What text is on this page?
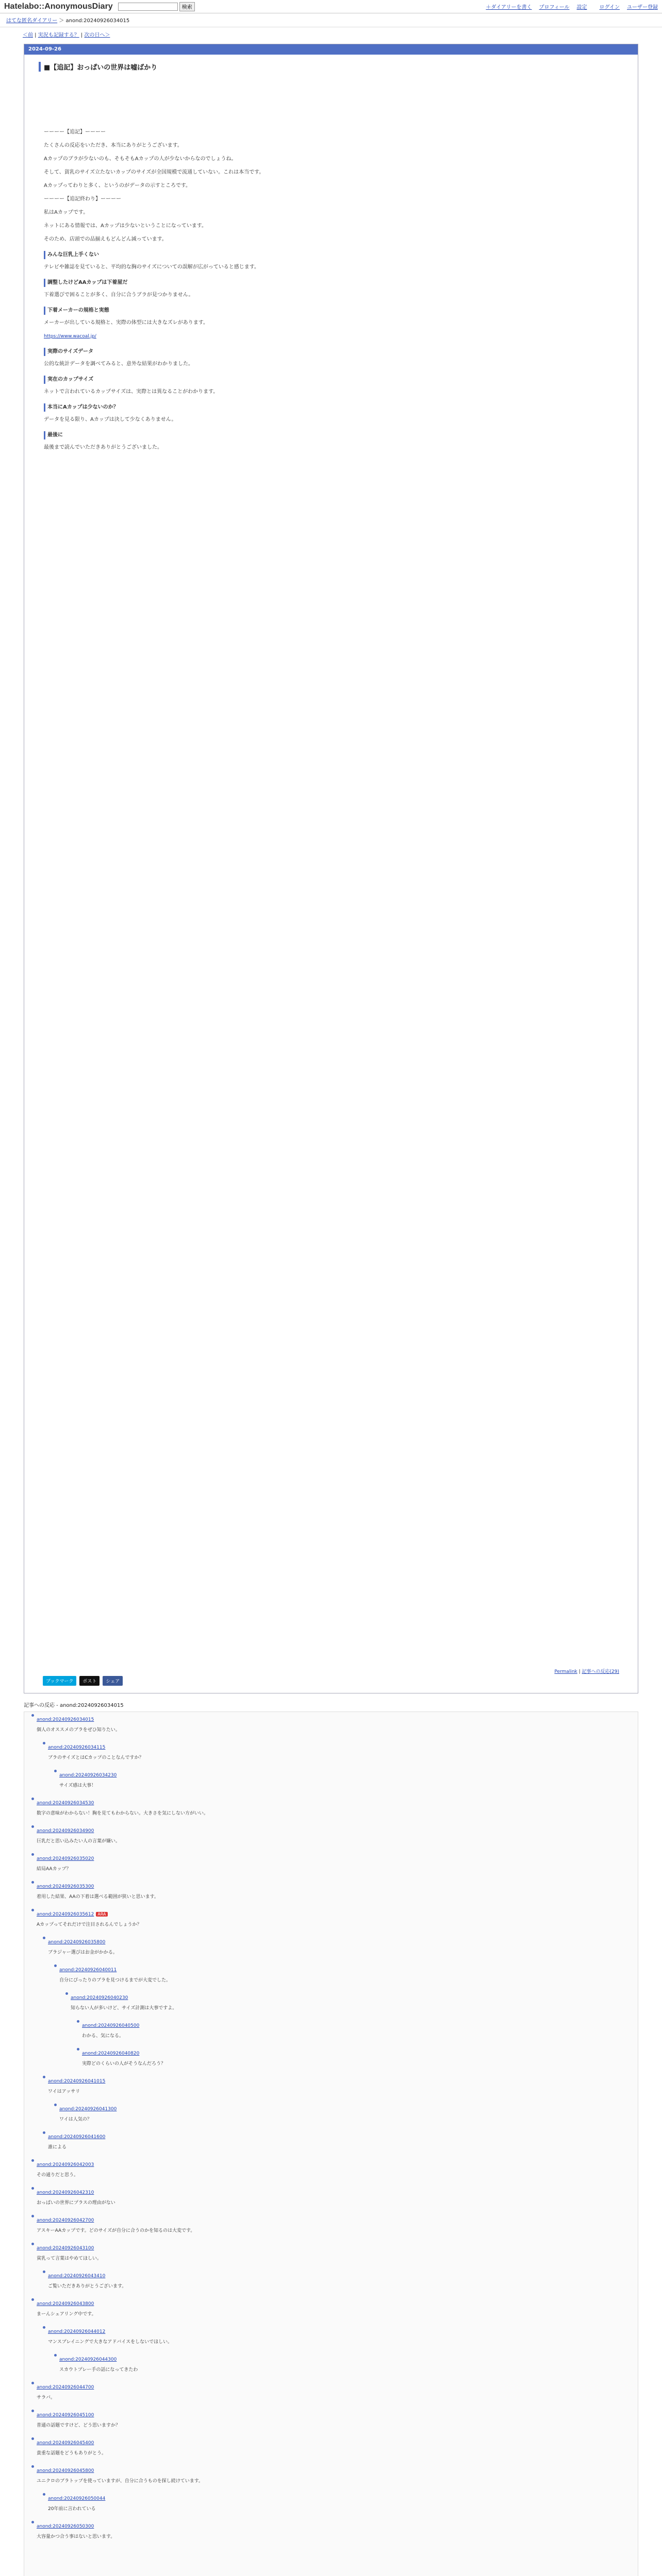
Hatelabo::AnonymousDiary	検索	＋ダイアリーを書く プロフィール 設定 ログイン ユーザー登録
はてな匿名ダイアリー ＞ anond:20240926034015
＜前 | 実況も記録する？ | 次の日へ＞
2024-09-26
■【追記】おっぱいの世界は嘘ばかり

ーーーー【追記】ーーーー

たくさんの反応をいただき、本当にありがとうございます。

Aカップのブラが少ないのも、そもそもAカップの人が少ないからなのでしょうね。

そして、貧乳のサイズ立たないカップのサイズが全国規模で流通していない。これは本当です。

Aカップってわりと多く、というのがデータの示すところです。

ーーーー【追記終わり】ーーーー

私はAカップです。

ネットにある情報では、Aカップは少ないということになっています。

そのため、店頭での品揃えもどんどん減っています。

みんな巨乳上手くない

テレビや雑誌を見ていると、平均的な胸のサイズについての誤解が広がっていると感じます。

調整したけどAAカップは下着屋だ

下着選びで困ることが多く、自分に合うブラが見つかりません。

下着メーカーの規格と実態

メーカーが出している規格と、実際の体型には大きなズレがあります。

https://www.wacoal.jp/

実際のサイズデータ

公的な統計データを調べてみると、意外な結果がわかりました。

実在のカップサイズ

ネットで言われているカップサイズは、実際とは異なることがわかります。

本当にAカップは少ないのか？

データを見る限り、Aカップは決して少なくありません。

最後に

最後まで読んでいただきありがとうございました。

Permalink | 記事への反応(29)
ブックマーク	ポスト	シェア
記事への反応 - anond:20240926034015
anond:20240926034015
個人のオススメのブラをぜひ知りたい。
anond:20240926034115
ブラのサイズとはCカップのことなんですか？
anond:20240926034230
サイズ感は大事！
anond:20240926034530
数字の意味がわからない！胸を見てもわからない。大きさを気にしない方がいい。
anond:20240926034900
巨乳だと思い込みたい人の言葉が嫌い。
anond:20240926035020
結局AAカップ？
anond:20240926035300
着用した結果、AAの下着は選べる範囲が狭いと思います。
anond:20240926035612 ARA
Aカップってそれだけで注目されるんでしょうか？
anond:20240926035800
ブラジャー選びはお金がかかる。
anond:20240926040011
自分にぴったりのブラを見つけるまでが大変でした。
anond:20240926040230
知らない人が多いけど、サイズ計測は大事ですよ。
anond:20240926040500
わかる、気になる。
anond:20240926040820
実際どのくらいの人がそうなんだろう？
anond:20240926041015
ワイはアッサリ
anond:20240926041300
ワイは人気の？
anond:20240926041600
誰による
anond:20240926042003
その通りだと思う。
anond:20240926042310
おっぱいの世界にプラスの理由がない
anond:20240926042700
アスキーAAカップです。どのサイズが自分に合うのかを知るのは大変です。
anond:20240926043100
貧乳って言葉はやめてほしい。
anond:20240926043410
ご覧いただきありがとうございます。
anond:20240926043800
まーんシェアリング中です。
anond:20240926044012
マンスプレイニングで大きなアドバイスをしないでほしい。
anond:20240926044300
スカウトプレー手の話になってきたわ
anond:20240926044700
サラバ。
anond:20240926045100
普通の話題ですけど、どう思いますか？
anond:20240926045400
貴重な話題をどうもありがとう。
anond:20240926045800
ユニクロのブラトップを使っていますが、自分に合うものを探し続けています。
anond:20240926050044
20年前に言われている
anond:20240926050300
大容量かつ合う事はないと思います。
